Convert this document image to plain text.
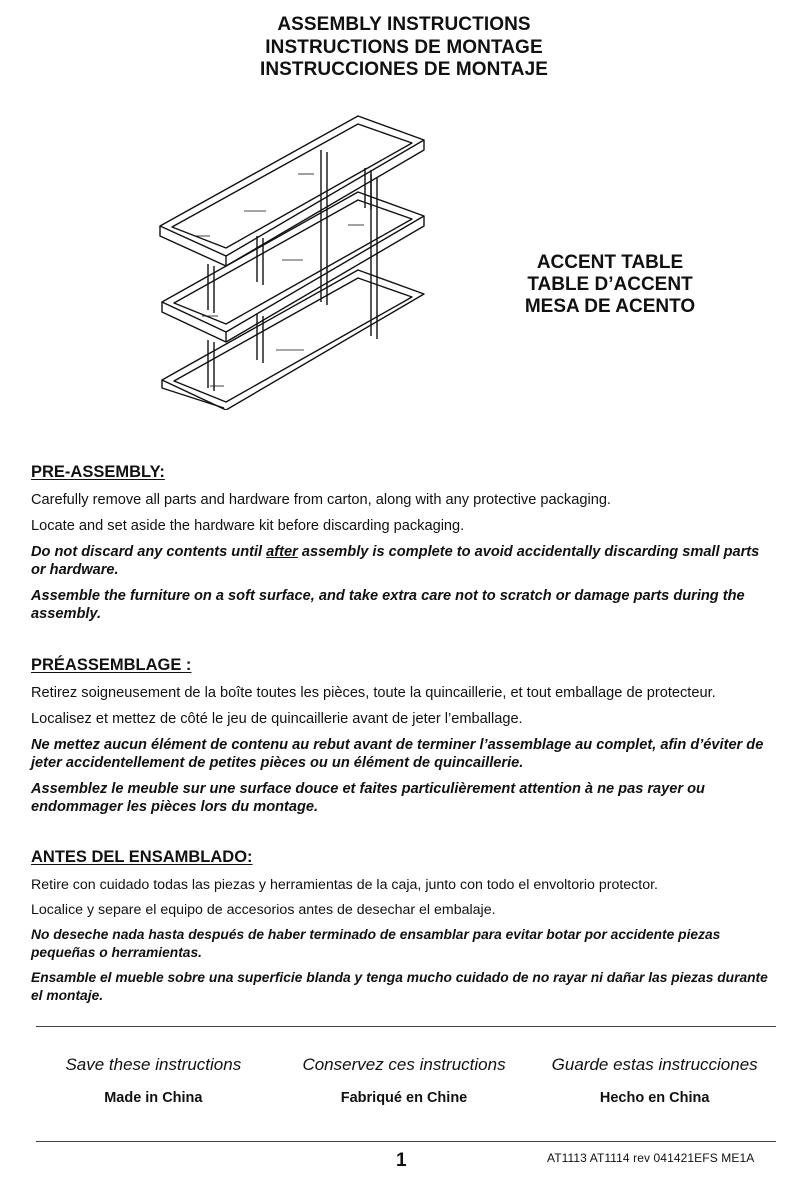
ASSEMBLY INSTRUCTIONS
INSTRUCTIONS DE MONTAGE
INSTRUCCIONES DE MONTAJE
ACCENT TABLE
TABLE D’ACCENT
MESA DE ACENTO
PRE-ASSEMBLY:
Carefully remove all parts and hardware from carton, along with any protective packaging.
Locate and set aside the hardware kit before discarding packaging.
Do not discard any contents until after assembly is complete to avoid accidentally discarding small parts or hardware.
Assemble the furniture on a soft surface, and take extra care not to scratch or damage parts during the assembly.
PRÉASSEMBLAGE :
Retirez soigneusement de la boîte toutes les pièces, toute la quincaillerie, et tout emballage de protecteur.
Localisez et mettez de côté le jeu de quincaillerie avant de jeter l’emballage.
Ne mettez aucun élément de contenu au rebut avant de terminer l’assemblage au complet, afin d’éviter de jeter accidentellement de petites pièces ou un élément de quincaillerie.
Assemblez le meuble sur une surface douce et faites particulièrement attention à ne pas rayer ou endommager les pièces lors du montage.
ANTES DEL ENSAMBLADO:
Retire con cuidado todas las piezas y herramientas de la caja, junto con todo el envoltorio protector.
Localice y separe el equipo de accesorios antes de desechar el embalaje.
No deseche nada hasta después de haber terminado de ensamblar para evitar botar por accidente piezas pequeñas o herramientas.
Ensamble el mueble sobre una superficie blanda y tenga mucho cuidado de no rayar ni dañar las piezas durante el montaje.
Save these instructions
Made in China
Conservez ces instructions
Fabriqué en Chine
Guarde estas instrucciones
Hecho en China
1	AT1113 AT1114 rev 041421EFS ME1A
